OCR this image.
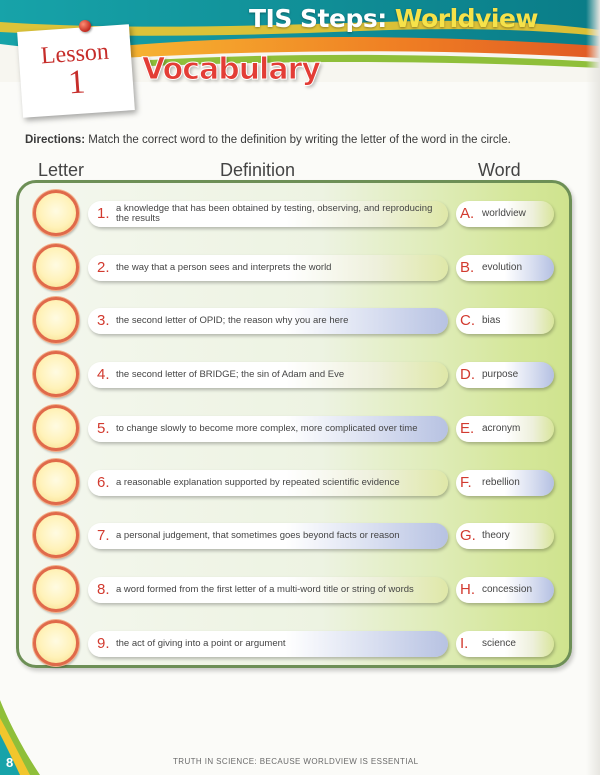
TIS Steps: Worldview
Lesson
1	Vocabulary
Directions: Match the correct word to the definition by writing the letter of the word in the circle.
Letter	Definition	Word
1. a knowledge that has been obtained by testing, observing, and reproducing the results	A. worldview
2. the way that a person sees and interprets the world	B. evolution
3. the second letter of OPID; the reason why you are here	C. bias
4. the second letter of BRIDGE; the sin of Adam and Eve	D. purpose
5. to change slowly to become more complex, more complicated over time	E. acronym
6. a reasonable explanation supported by repeated scientific evidence	F. rebellion
7. a personal judgement, that sometimes goes beyond facts or reason	G. theory
8. a word formed from the first letter of a multi-word title or string of words	H. concession
9. the act of giving into a point or argument	I. science
8	TRUTH IN SCIENCE: BECAUSE WORLDVIEW IS ESSENTIAL
